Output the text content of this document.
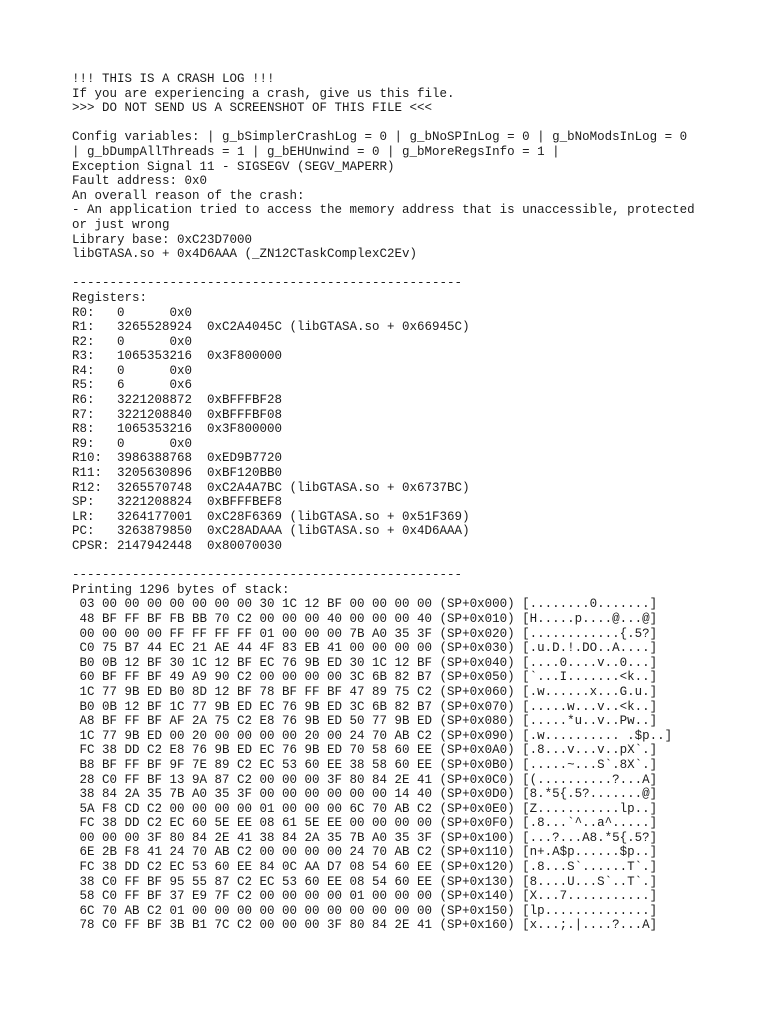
!!! THIS IS A CRASH LOG !!!
If you are experiencing a crash, give us this file.
>>> DO NOT SEND US A SCREENSHOT OF THIS FILE <<<
Config variables: | g_bSimplerCrashLog = 0 | g_bNoSPInLog = 0 | g_bNoModsInLog = 0
| g_bDumpAllThreads = 1 | g_bEHUnwind = 0 | g_bMoreRegsInfo = 1 |
Exception Signal 11 - SIGSEGV (SEGV_MAPERR)
Fault address: 0x0
An overall reason of the crash:
- An application tried to access the memory address that is unaccessible, protected
or just wrong
Library base: 0xC23D7000
libGTASA.so + 0x4D6AAA (_ZN12CTaskComplexC2Ev)
----------------------------------------------------
Registers:
R0:   0      0x0
R1:   3265528924  0xC2A4045C (libGTASA.so + 0x66945C)
R2:   0      0x0
R3:   1065353216  0x3F800000
R4:   0      0x0
R5:   6      0x6
R6:   3221208872  0xBFFFBF28
R7:   3221208840  0xBFFFBF08
R8:   1065353216  0x3F800000
R9:   0      0x0
R10:  3986388768  0xED9B7720
R11:  3205630896  0xBF120BB0
R12:  3265570748  0xC2A4A7BC (libGTASA.so + 0x6737BC)
SP:   3221208824  0xBFFFBEF8
LR:   3264177001  0xC28F6369 (libGTASA.so + 0x51F369)
PC:   3263879850  0xC28ADAAA (libGTASA.so + 0x4D6AAA)
CPSR: 2147942448  0x80070030
----------------------------------------------------
Printing 1296 bytes of stack:
03 00 00 00 00 00 00 00 30 1C 12 BF 00 00 00 00 (SP+0x000) [........0.......]
48 BF FF BF FB BB 70 C2 00 00 00 40 00 00 00 40 (SP+0x010) [H.....p....@...@]
00 00 00 00 FF FF FF FF 01 00 00 00 7B A0 35 3F (SP+0x020) [............{.5?]
C0 75 B7 44 EC 21 AE 44 4F 83 EB 41 00 00 00 00 (SP+0x030) [.u.D.!.DO..A....]
B0 0B 12 BF 30 1C 12 BF EC 76 9B ED 30 1C 12 BF (SP+0x040) [....0....v..0...]
60 BF FF BF 49 A9 90 C2 00 00 00 00 3C 6B 82 B7 (SP+0x050) [`...I.......<k..]
1C 77 9B ED B0 8D 12 BF 78 BF FF BF 47 89 75 C2 (SP+0x060) [.w......x...G.u.]
B0 0B 12 BF 1C 77 9B ED EC 76 9B ED 3C 6B 82 B7 (SP+0x070) [.....w...v..<k..]
A8 BF FF BF AF 2A 75 C2 E8 76 9B ED 50 77 9B ED (SP+0x080) [.....*u..v..Pw..]
1C 77 9B ED 00 20 00 00 00 00 20 00 24 70 AB C2 (SP+0x090) [.w.......... .$p..]
FC 38 DD C2 E8 76 9B ED EC 76 9B ED 70 58 60 EE (SP+0x0A0) [.8...v...v..pX`.]
B8 BF FF BF 9F 7E 89 C2 EC 53 60 EE 38 58 60 EE (SP+0x0B0) [.....~...S`.8X`.]
28 C0 FF BF 13 9A 87 C2 00 00 00 3F 80 84 2E 41 (SP+0x0C0) [(..........?...A]
38 84 2A 35 7B A0 35 3F 00 00 00 00 00 00 14 40 (SP+0x0D0) [8.*5{.5?.......@]
5A F8 CD C2 00 00 00 00 01 00 00 00 6C 70 AB C2 (SP+0x0E0) [Z...........lp..]
FC 38 DD C2 EC 60 5E EE 08 61 5E EE 00 00 00 00 (SP+0x0F0) [.8...`^..a^.....]
00 00 00 3F 80 84 2E 41 38 84 2A 35 7B A0 35 3F (SP+0x100) [...?...A8.*5{.5?]
6E 2B F8 41 24 70 AB C2 00 00 00 00 24 70 AB C2 (SP+0x110) [n+.A$p......$p..]
FC 38 DD C2 EC 53 60 EE 84 0C AA D7 08 54 60 EE (SP+0x120) [.8...S`......T`.]
38 C0 FF BF 95 55 87 C2 EC 53 60 EE 08 54 60 EE (SP+0x130) [8....U...S`..T`.]
58 C0 FF BF 37 E9 7F C2 00 00 00 00 01 00 00 00 (SP+0x140) [X...7...........]
6C 70 AB C2 01 00 00 00 00 00 00 00 00 00 00 00 (SP+0x150) [lp..............]
78 C0 FF BF 3B B1 7C C2 00 00 00 3F 80 84 2E 41 (SP+0x160) [x...;.|....?...A]
